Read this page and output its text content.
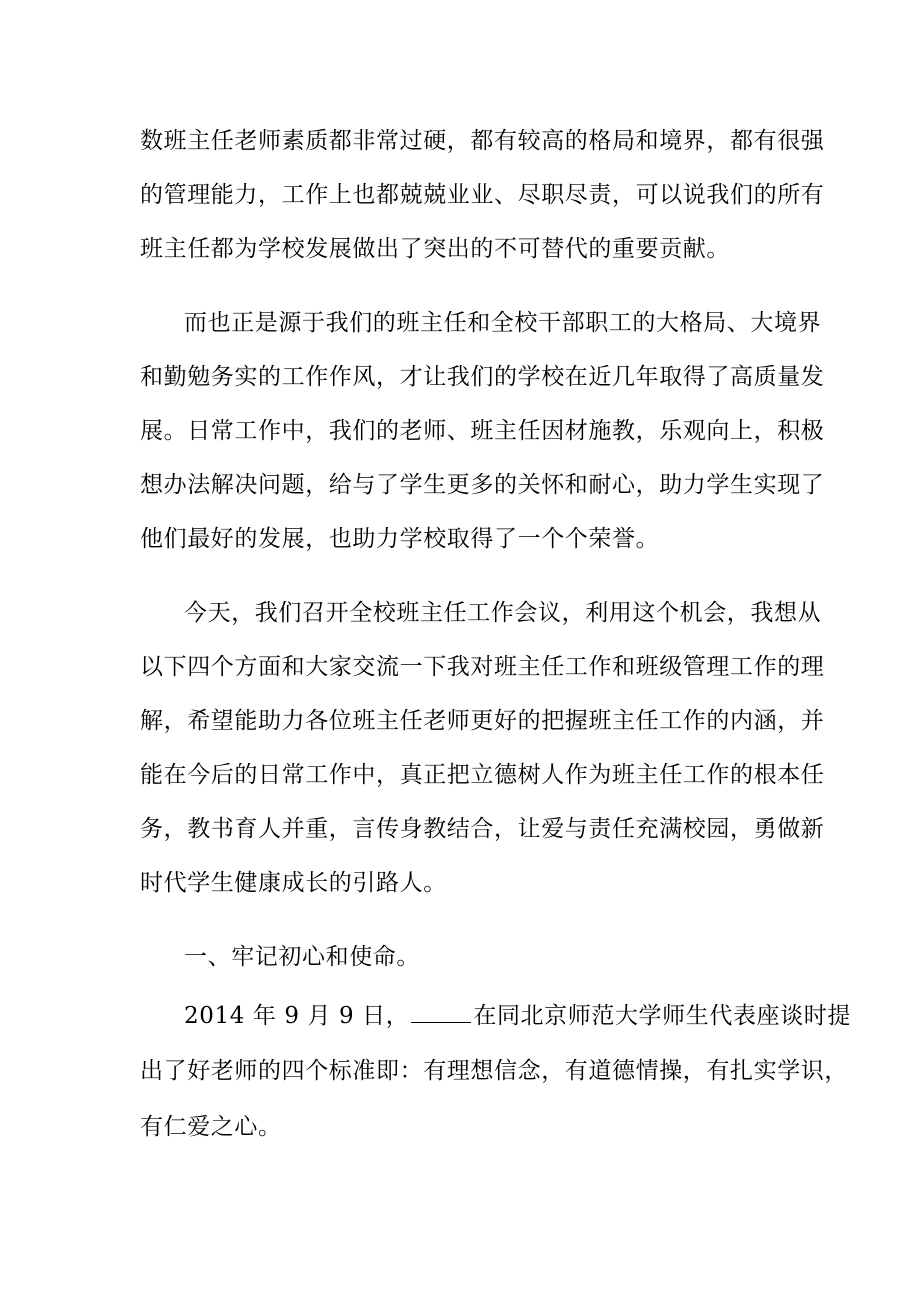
数班主任老师素质都非常过硬，都有较高的格局和境界，都有很强
的管理能力，工作上也都兢兢业业、尽职尽责，可以说我们的所有
班主任都为学校发展做出了突出的不可替代的重要贡献。
而也正是源于我们的班主任和全校干部职工的大格局、大境界
和勤勉务实的工作作风，才让我们的学校在近几年取得了高质量发
展。日常工作中，我们的老师、班主任因材施教，乐观向上，积极
想办法解决问题，给与了学生更多的关怀和耐心，助力学生实现了
他们最好的发展，也助力学校取得了一个个荣誉。
今天，我们召开全校班主任工作会议，利用这个机会，我想从
以下四个方面和大家交流一下我对班主任工作和班级管理工作的理
解，希望能助力各位班主任老师更好的把握班主任工作的内涵，并
能在今后的日常工作中，真正把立德树人作为班主任工作的根本任
务，教书育人并重，言传身教结合，让爱与责任充满校园，勇做新
时代学生健康成长的引路人。
一、牢记初心和使命。
2014 年 9 月 9 日，	在同北京师范大学师生代表座谈时提
出了好老师的四个标准即：有理想信念，有道德情操，有扎实学识，
有仁爱之心。
